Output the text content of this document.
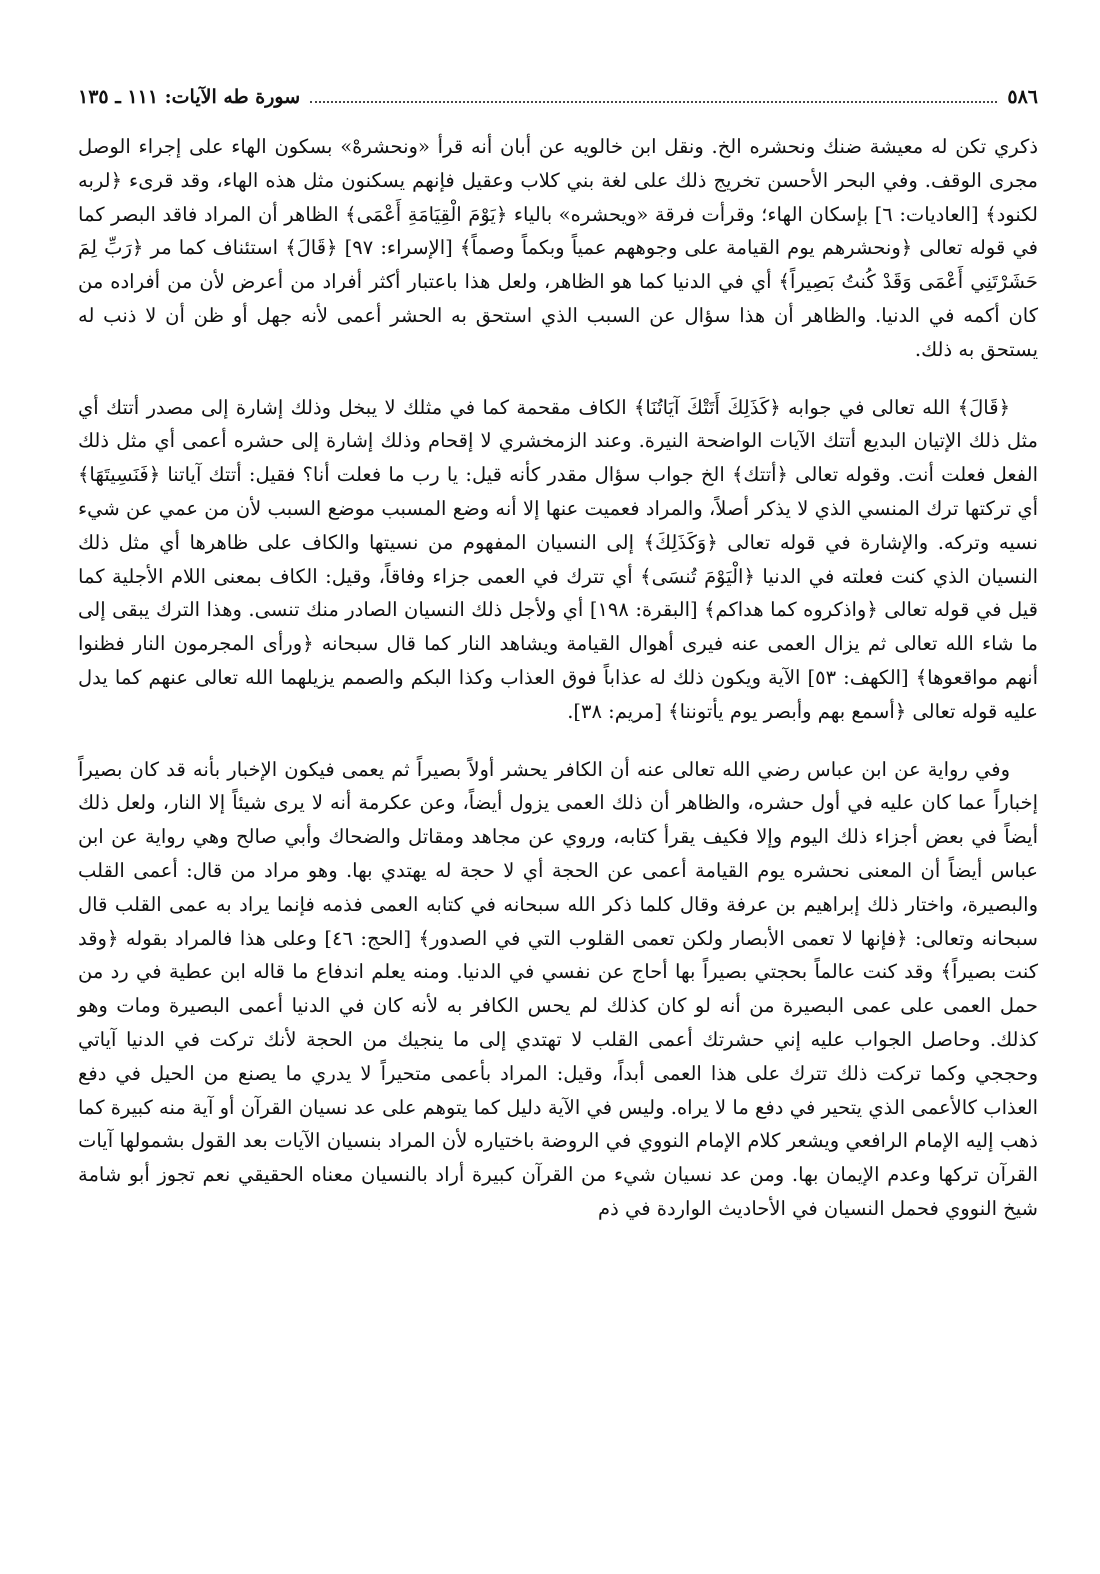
٥٨٦
سورة طه الآيات: ١١١ ـ ١٣٥

ذكري تكن له معيشة ضنك ونحشره الخ. ونقل ابن خالويه عن أبان أنه قرأ «ونحشرهْ» بسكون الهاء على إجراء الوصل مجرى الوقف. وفي البحر الأحسن تخريج ذلك على لغة بني كلاب وعقيل فإنهم يسكنون مثل هذه الهاء، وقد قرىء ﴿لربه لكنود﴾ [العاديات: ٦] بإسكان الهاء؛ وقرأت فرقة «ويحشره» بالياء ﴿يَوْمَ الْقِيَامَةِ أَعْمَى﴾ الظاهر أن المراد فاقد البصر كما في قوله تعالى ﴿ونحشرهم يوم القيامة على وجوههم عمياً وبكماً وصماً﴾ [الإسراء: ٩٧] ﴿قَالَ﴾ استئناف كما مر ﴿رَبِّ لِمَ حَشَرْتَنِي أَعْمَى وَقَدْ كُنتُ بَصِيراً﴾ أي في الدنيا كما هو الظاهر، ولعل هذا باعتبار أكثر أفراد من أعرض لأن من أفراده من كان أكمه في الدنيا. والظاهر أن هذا سؤال عن السبب الذي استحق به الحشر أعمى لأنه جهل أو ظن أن لا ذنب له يستحق به ذلك.

﴿قَالَ﴾ الله تعالى في جوابه ﴿كَذَلِكَ أَتَتْكَ آيَاتُنَا﴾ الكاف مقحمة كما في مثلك لا يبخل وذلك إشارة إلى مصدر أتتك أي مثل ذلك الإتيان البديع أتتك الآيات الواضحة النيرة. وعند الزمخشري لا إقحام وذلك إشارة إلى حشره أعمى أي مثل ذلك الفعل فعلت أنت. وقوله تعالى ﴿أتتك﴾ الخ جواب سؤال مقدر كأنه قيل: يا رب ما فعلت أنا؟ فقيل: أتتك آياتنا ﴿فَنَسِيتَهَا﴾ أي تركتها ترك المنسي الذي لا يذكر أصلاً، والمراد فعميت عنها إلا أنه وضع المسبب موضع السبب لأن من عمي عن شيء نسيه وتركه. والإشارة في قوله تعالى ﴿وَكَذَلِكَ﴾ إلى النسيان المفهوم من نسيتها والكاف على ظاهرها أي مثل ذلك النسيان الذي كنت فعلته في الدنيا ﴿الْيَوْمَ تُنسَى﴾ أي تترك في العمى جزاء وفاقاً، وقيل: الكاف بمعنى اللام الأجلية كما قيل في قوله تعالى ﴿واذكروه كما هداكم﴾ [البقرة: ١٩٨] أي ولأجل ذلك النسيان الصادر منك تنسى. وهذا الترك يبقى إلى ما شاء الله تعالى ثم يزال العمى عنه فيرى أهوال القيامة ويشاهد النار كما قال سبحانه ﴿ورأى المجرمون النار فظنوا أنهم مواقعوها﴾ [الكهف: ٥٣] الآية ويكون ذلك له عذاباً فوق العذاب وكذا البكم والصمم يزيلهما الله تعالى عنهم كما يدل عليه قوله تعالى ﴿أسمع بهم وأبصر يوم يأتوننا﴾ [مريم: ٣٨].

وفي رواية عن ابن عباس رضي الله تعالى عنه أن الكافر يحشر أولاً بصيراً ثم يعمى فيكون الإخبار بأنه قد كان بصيراً إخباراً عما كان عليه في أول حشره، والظاهر أن ذلك العمى يزول أيضاً، وعن عكرمة أنه لا يرى شيئاً إلا النار، ولعل ذلك أيضاً في بعض أجزاء ذلك اليوم وإلا فكيف يقرأ كتابه، وروي عن مجاهد ومقاتل والضحاك وأبي صالح وهي رواية عن ابن عباس أيضاً أن المعنى نحشره يوم القيامة أعمى عن الحجة أي لا حجة له يهتدي بها. وهو مراد من قال: أعمى القلب والبصيرة، واختار ذلك إبراهيم بن عرفة وقال كلما ذكر الله سبحانه في كتابه العمى فذمه فإنما يراد به عمى القلب قال سبحانه وتعالى: ﴿فإنها لا تعمى الأبصار ولكن تعمى القلوب التي في الصدور﴾ [الحج: ٤٦] وعلى هذا فالمراد بقوله ﴿وقد كنت بصيراً﴾ وقد كنت عالماً بحجتي بصيراً بها أحاج عن نفسي في الدنيا. ومنه يعلم اندفاع ما قاله ابن عطية في رد من حمل العمى على عمى البصيرة من أنه لو كان كذلك لم يحس الكافر به لأنه كان في الدنيا أعمى البصيرة ومات وهو كذلك. وحاصل الجواب عليه إني حشرتك أعمى القلب لا تهتدي إلى ما ينجيك من الحجة لأنك تركت في الدنيا آياتي وحججي وكما تركت ذلك تترك على هذا العمى أبداً، وقيل: المراد بأعمى متحيراً لا يدري ما يصنع من الحيل في دفع العذاب كالأعمى الذي يتحير في دفع ما لا يراه. وليس في الآية دليل كما يتوهم على عد نسيان القرآن أو آية منه كبيرة كما ذهب إليه الإمام الرافعي ويشعر كلام الإمام النووي في الروضة باختياره لأن المراد بنسيان الآيات بعد القول بشمولها آيات القرآن تركها وعدم الإيمان بها. ومن عد نسيان شيء من القرآن كبيرة أراد بالنسيان معناه الحقيقي نعم تجوز أبو شامة شيخ النووي فحمل النسيان في الأحاديث الواردة في ذم
